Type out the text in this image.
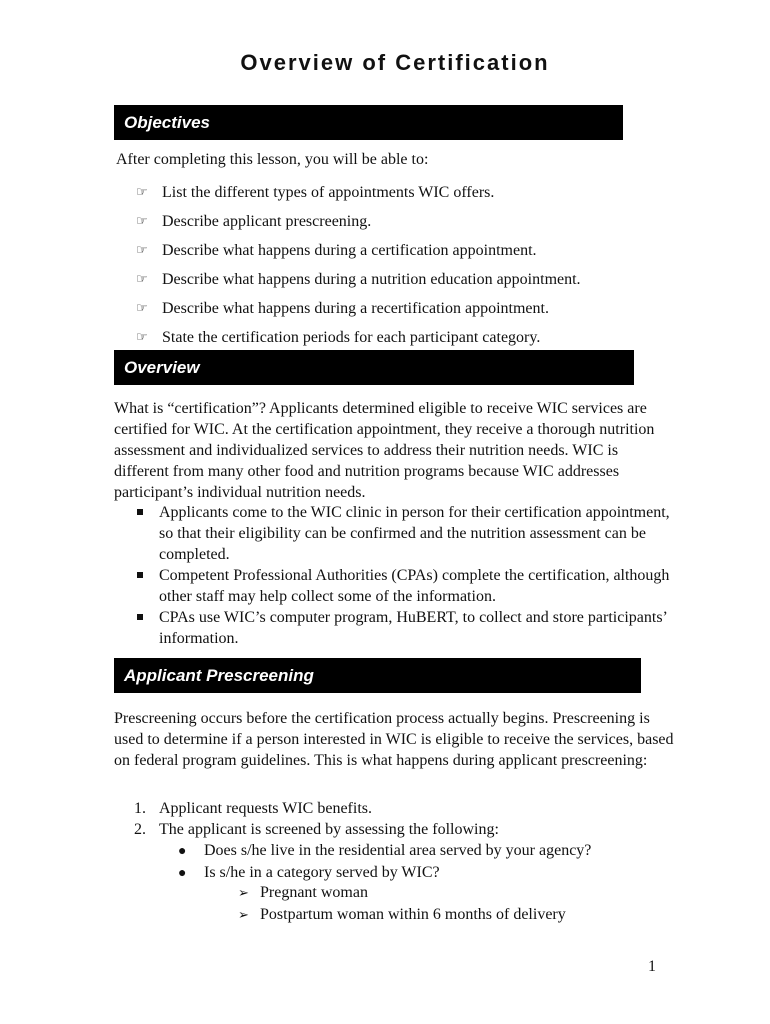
Overview of Certification
Objectives
After completing this lesson, you will be able to:
☞ List the different types of appointments WIC offers.
☞ Describe applicant prescreening.
☞ Describe what happens during a certification appointment.
☞ Describe what happens during a nutrition education appointment.
☞ Describe what happens during a recertification appointment.
☞ State the certification periods for each participant category.
Overview

What is “certification”? Applicants determined eligible to receive WIC services are certified for WIC. At the certification appointment, they receive a thorough nutrition assessment and individualized services to address their nutrition needs. WIC is different from many other food and nutrition programs because WIC addresses participant’s individual nutrition needs.

Applicants come to the WIC clinic in person for their certification appointment, so that their eligibility can be confirmed and the nutrition assessment can be completed.
Competent Professional Authorities (CPAs) complete the certification, although other staff may help collect some of the information.
CPAs use WIC’s computer program, HuBERT, to collect and store participants’ information.
Applicant Prescreening

Prescreening occurs before the certification process actually begins. Prescreening is used to determine if a person interested in WIC is eligible to receive the services, based on federal program guidelines. This is what happens during applicant prescreening:

1. Applicant requests WIC benefits.
2. The applicant is screened by assessing the following:
● Does s/he live in the residential area served by your agency?
● Is s/he in a category served by WIC?
➢ Pregnant woman
➢ Postpartum woman within 6 months of delivery
1
